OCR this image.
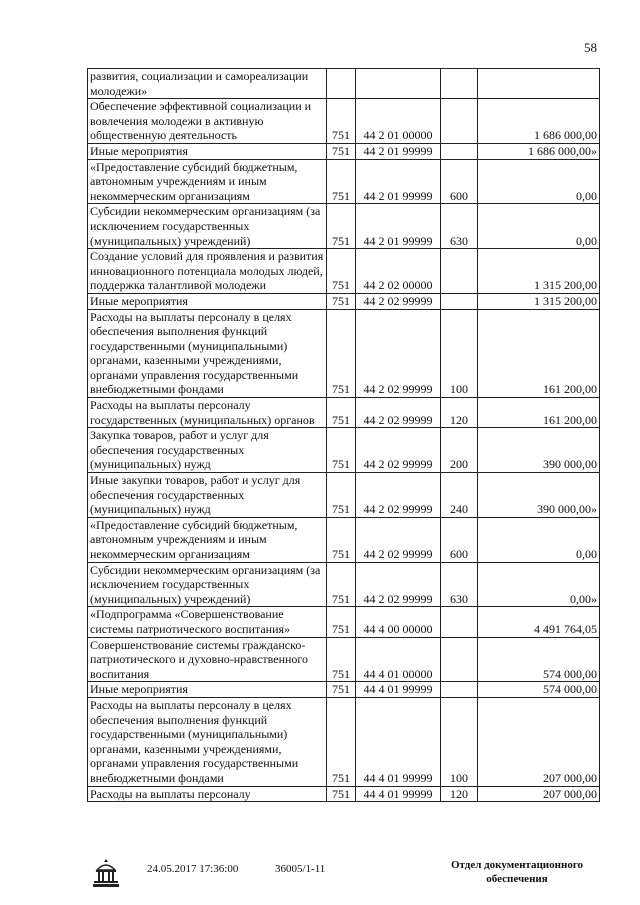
58
развития, социализации и самореализации молодежи»				
Обеспечение эффективной социализации и вовлечения молодежи в активную общественную деятельность	751	44 2 01 00000		1 686 000,00
Иные мероприятия	751	44 2 01 99999		1 686 000,00»
«Предоставление субсидий бюджетным, автономным учреждениям и иным некоммерческим организациям	751	44 2 01 99999	600	0,00
Субсидии некоммерческим организациям (за исключением государственных (муниципальных) учреждений)	751	44 2 01 99999	630	0,00
Создание условий для проявления и развития инновационного потенциала молодых людей, поддержка талантливой молодежи	751	44 2 02 00000		1 315 200,00
Иные мероприятия	751	44 2 02 99999		1 315 200,00
Расходы на выплаты персоналу в целях обеспечения выполнения функций государственными (муниципальными) органами, казенными учреждениями, органами управления государственными внебюджетными фондами	751	44 2 02 99999	100	161 200,00
Расходы на выплаты персоналу государственных (муниципальных) органов	751	44 2 02 99999	120	161 200,00
Закупка товаров, работ и услуг для обеспечения государственных (муниципальных) нужд	751	44 2 02 99999	200	390 000,00
Иные закупки товаров, работ и услуг для обеспечения государственных (муниципальных) нужд	751	44 2 02 99999	240	390 000,00»
«Предоставление субсидий бюджетным, автономным учреждениям и иным некоммерческим организациям	751	44 2 02 99999	600	0,00
Субсидии некоммерческим организациям (за исключением государственных (муниципальных) учреждений)	751	44 2 02 99999	630	0,00»
«Подпрограмма «Совершенствование системы патриотического воспитания»	751	44 4 00 00000		4 491 764,05
Совершенствование системы гражданско-патриотического и духовно-нравственного воспитания	751	44 4 01 00000		574 000,00
Иные мероприятия	751	44 4 01 99999		574 000,00
Расходы на выплаты персоналу в целях обеспечения выполнения функций государственными (муниципальными) органами, казенными учреждениями, органами управления государственными внебюджетными фондами	751	44 4 01 99999	100	207 000,00
Расходы на выплаты персоналу	751	44 4 01 99999	120	207 000,00
24.05.2017 17:36:00	36005/1-11	Отдел документационного обеспечения
